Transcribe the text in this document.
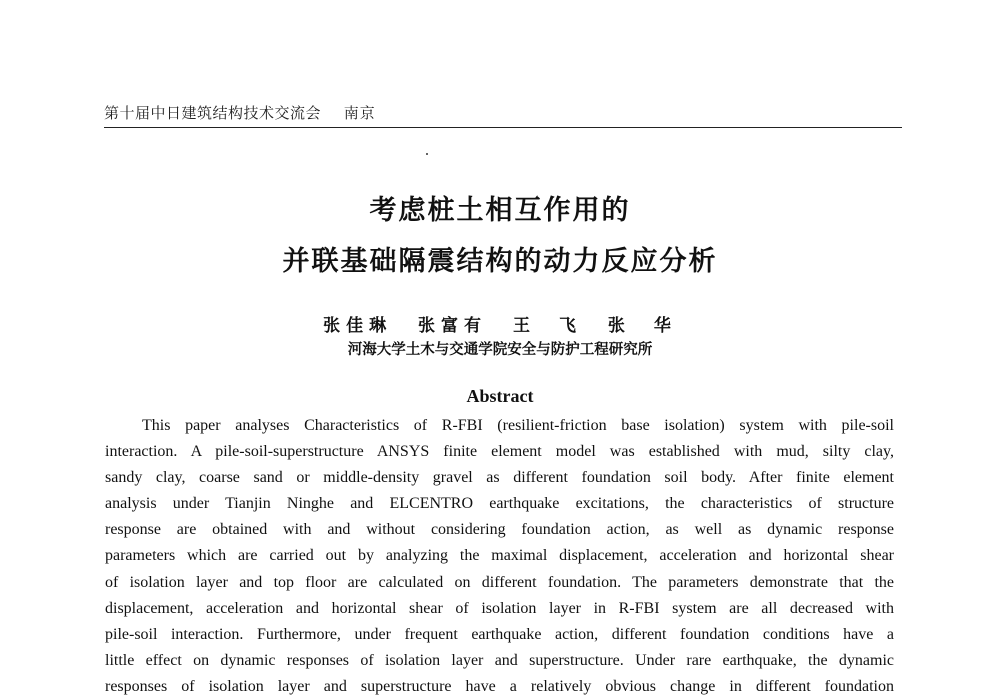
第十届中日建筑结构技术交流会 南京
考虑桩土相互作用的
并联基础隔震结构的动力反应分析
张佳琳 张富有 王　飞 张　华
河海大学土木与交通学院安全与防护工程研究所
Abstract
This paper analyses Characteristics of R-FBI (resilient-friction base isolation) system with pile-soil
interaction. A pile-soil-superstructure ANSYS finite element model was established with mud, silty clay,
sandy clay, coarse sand or middle-density gravel as different foundation soil body. After finite element
analysis under Tianjin Ninghe and ELCENTRO earthquake excitations, the characteristics of structure
response are obtained with and without considering foundation action, as well as dynamic response
parameters which are carried out by analyzing the maximal displacement, acceleration and horizontal shear
of isolation layer and top floor are calculated on different foundation. The parameters demonstrate that the
displacement, acceleration and horizontal shear of isolation layer in R-FBI system are all decreased with
pile-soil interaction. Furthermore, under frequent earthquake action, different foundation conditions have a
little effect on dynamic responses of isolation layer and superstructure. Under rare earthquake, the dynamic
responses of isolation layer and superstructure have a relatively obvious change in different foundation
